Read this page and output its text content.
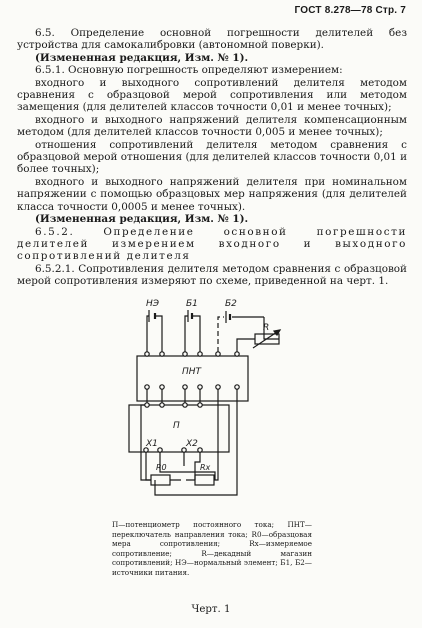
ГОСТ 8.278—78 Стр. 7

6.5. Определение основной погрешности делителей без устройства для самокалибровки (автономной поверки).

(Измененная редакция, Изм. № 1).

6.5.1. Основную погрешность определяют измерением:

входного и выходного сопротивлений делителя методом сравнения с образцовой мерой сопротивления или методом замещения (для делителей классов точности 0,01 и менее точных);

входного и выходного напряжений делителя компенсационным методом (для делителей классов точности 0,005 и менее точных);

отношения сопротивлений делителя методом сравнения с образцовой мерой отношения (для делителей классов точности 0,01 и более точных);

входного и выходного напряжений делителя при номинальном напряжении с помощью образцовых мер напряжения (для делителей класса точности 0,0005 и менее точных).

(Измененная редакция, Изм. № 1).

6.5.2. Определение основной погрешности делителей измерением входного и выходного сопротивлений делителя

6.5.2.1. Сопротивления делителя методом сравнения с образцовой мерой сопротивления измеряют по схеме, приведенной на черт. 1.

НЭ	Б1	Б2
R
ПНТ
П
Х1	Х2
R0	Rx
П—потенциометр постоянного тока; ПНТ—переключатель направления тока; R0—образцовая мера сопротивления; Rx—измеряемое сопротивление; R—декадный магазин сопротивлений; НЭ—нормальный элемент; Б1, Б2—источники питания.
Черт. 1
